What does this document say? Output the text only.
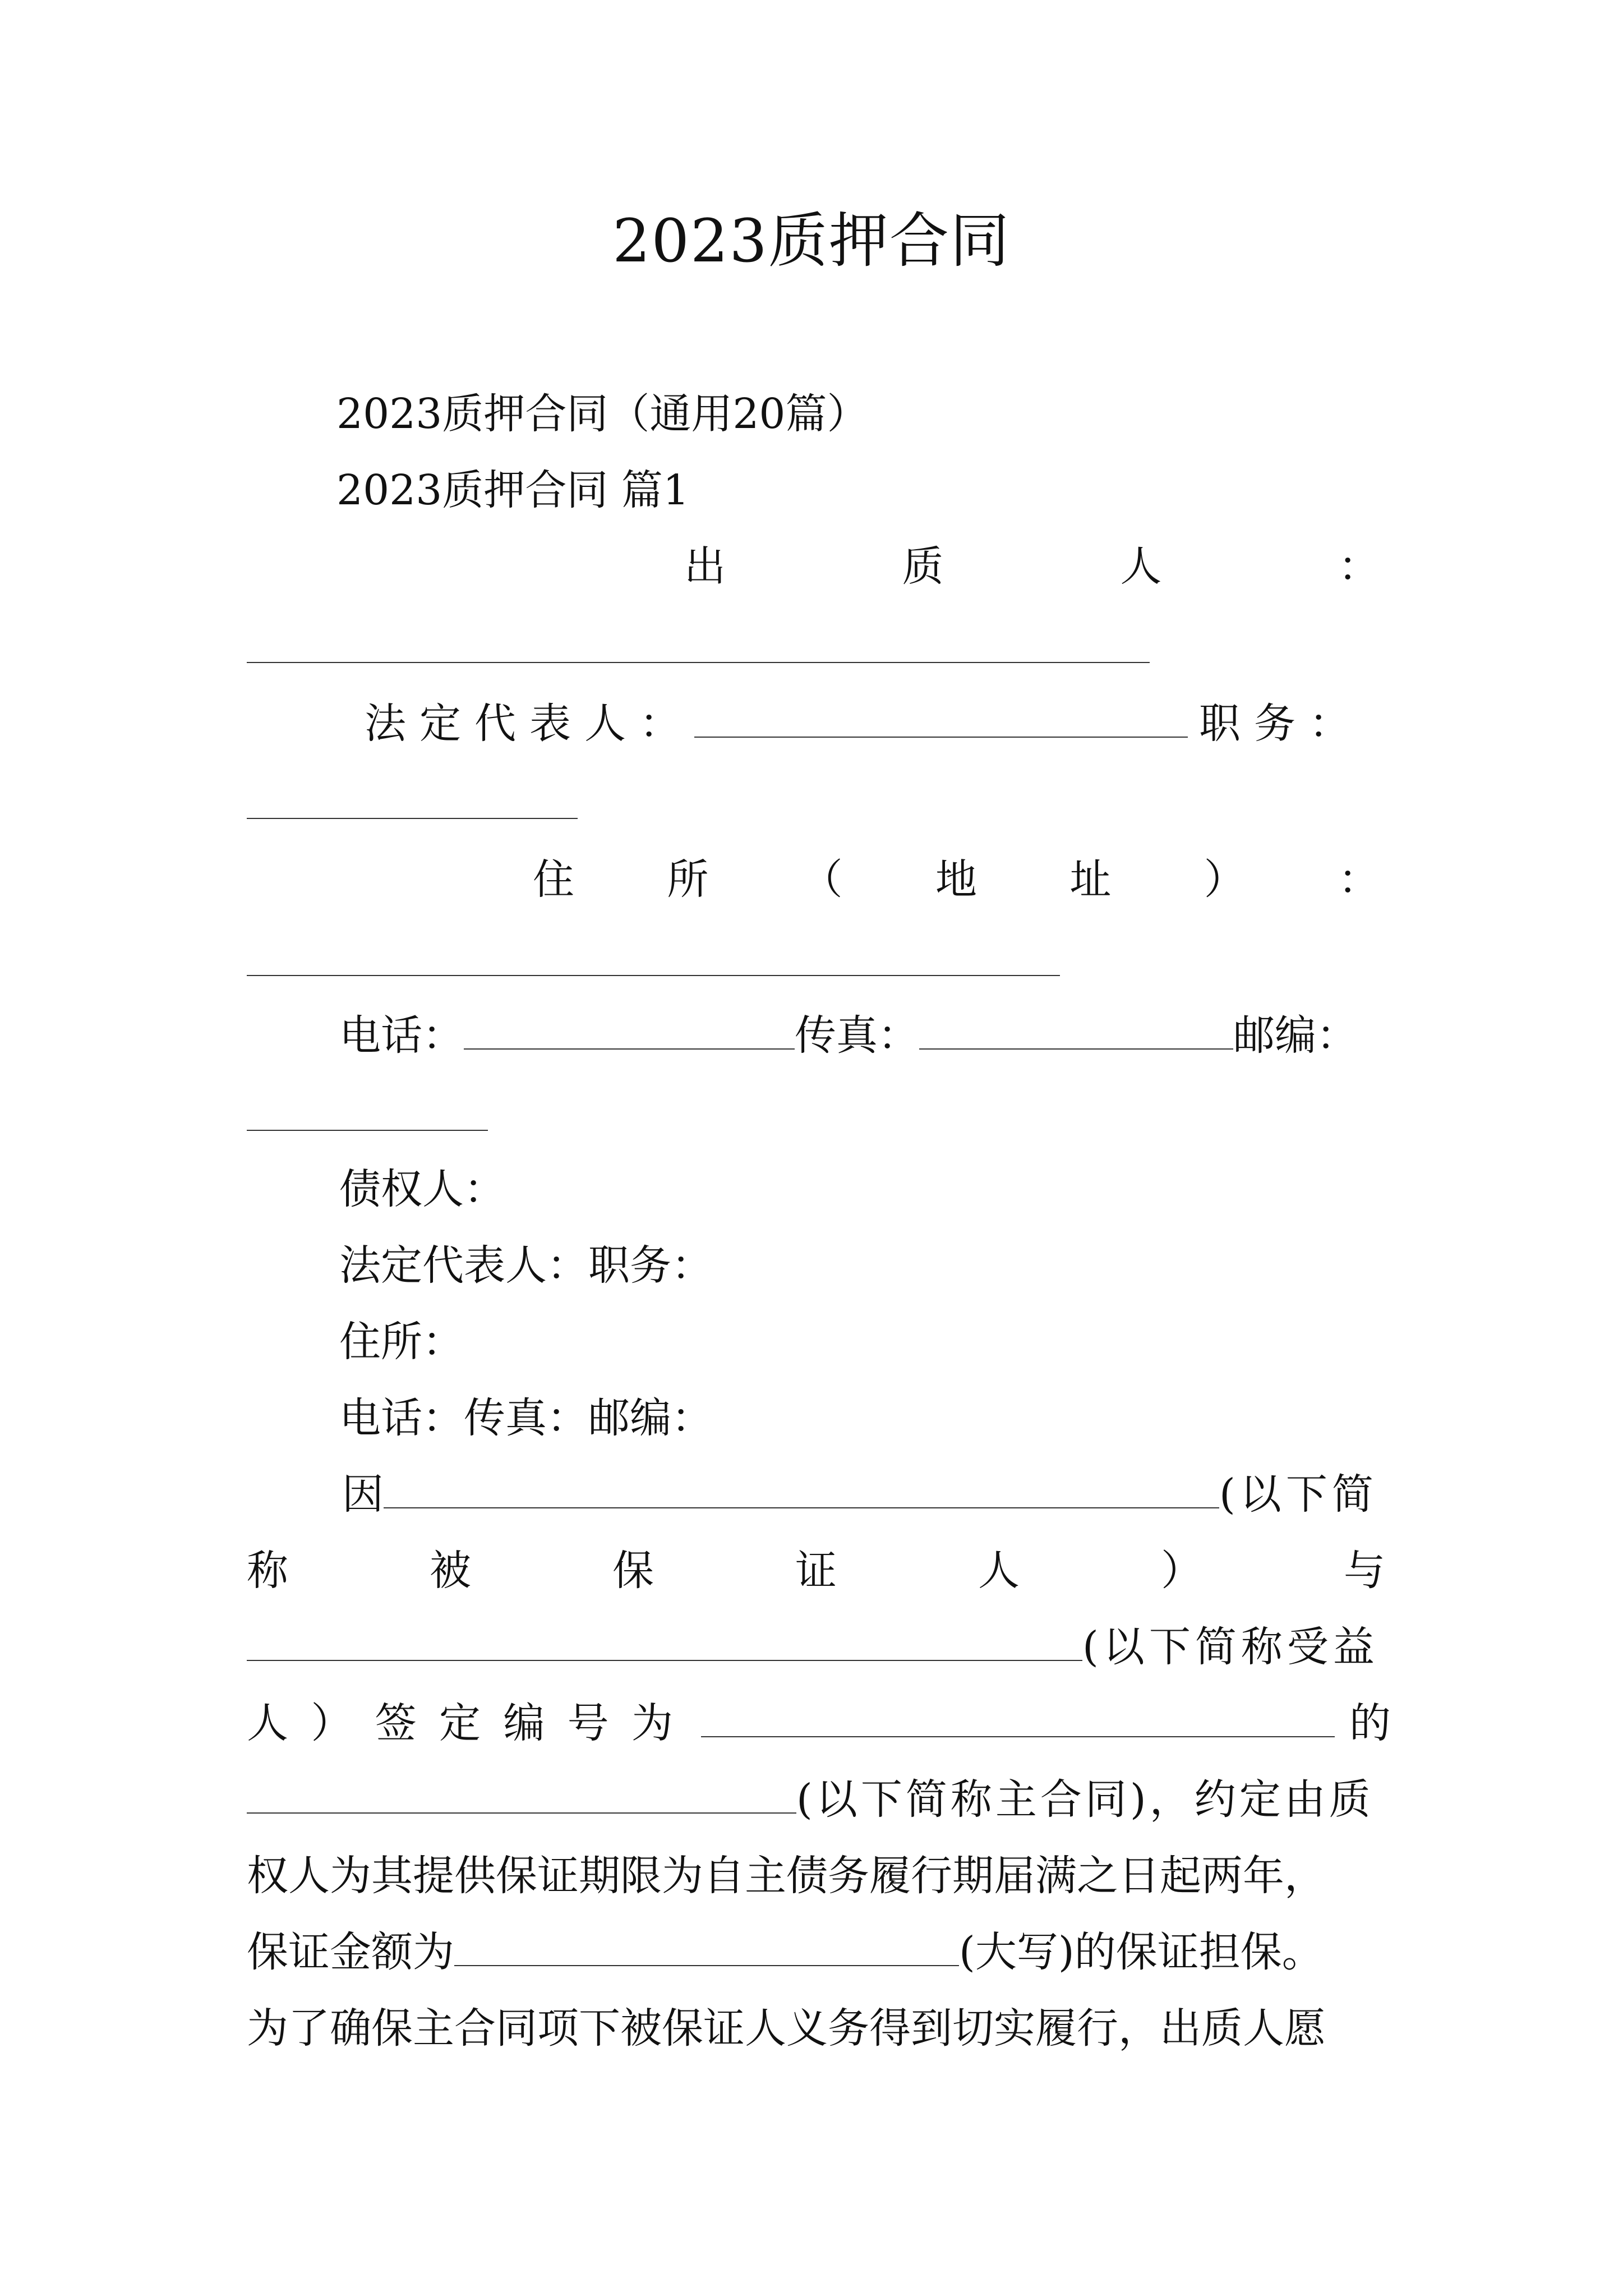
2023质押合同
2023质押合同（通用20篇）
2023质押合同 篇1
出	质	人	：
法定代表人：	职务：
住 所 （ 地 址 ） ：
电话：	传真：	邮编：
债权人：
法定代表人：职务：
住所：
电话：传真：邮编：
因	(以下简
称	被	保	证	人	）	与
(以下简称受益
人 ） 签 定 编 号 为	的
(以下简称主合同)，约定由质
权人为其提供保证期限为自主债务履行期届满之日起两年，
保证金额为	(大写)的保证担保。
为了确保主合同项下被保证人义务得到切实履行，出质人愿
